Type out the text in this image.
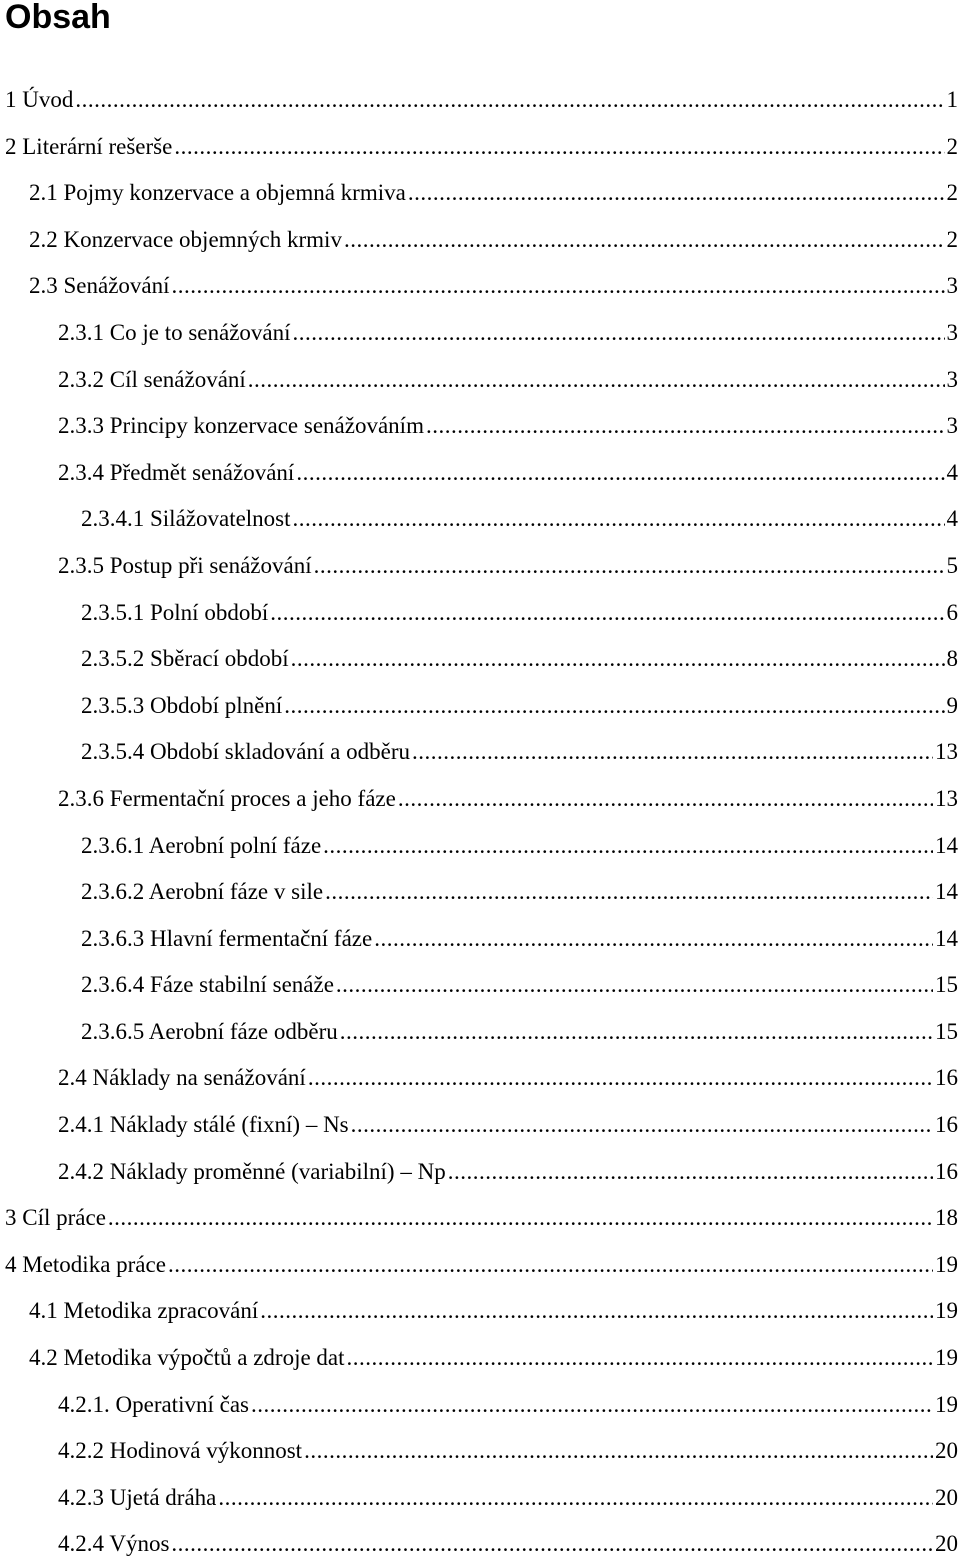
Obsah
1 Úvod .....	1
2 Literární rešerše .....	2
2.1 Pojmy konzervace a objemná krmiva .....	2
2.2 Konzervace objemných krmiv .....	2
2.3 Senážování .....	3
2.3.1 Co je to senážování .....	3
2.3.2 Cíl senážování .....	3
2.3.3 Principy konzervace senážováním .....	3
2.3.4 Předmět senážování .....	4
2.3.4.1 Silážovatelnost .....	4
2.3.5 Postup při senážování .....	5
2.3.5.1 Polní období .....	6
2.3.5.2 Sběrací období .....	8
2.3.5.3 Období plnění .....	9
2.3.5.4 Období skladování a odběru .....	13
2.3.6 Fermentační proces a jeho fáze .....	13
2.3.6.1 Aerobní polní fáze .....	14
2.3.6.2 Aerobní fáze v sile .....	14
2.3.6.3 Hlavní fermentační fáze .....	14
2.3.6.4 Fáze stabilní senáže .....	15
2.3.6.5 Aerobní fáze odběru .....	15
2.4 Náklady na senážování .....	16
2.4.1 Náklady stálé (fixní) – Ns .....	16
2.4.2 Náklady proměnné (variabilní) – Np .....	16
3 Cíl práce .....	18
4 Metodika práce .....	19
4.1 Metodika zpracování .....	19
4.2 Metodika výpočtů a zdroje dat .....	19
4.2.1. Operativní čas .....	19
4.2.2 Hodinová výkonnost .....	20
4.2.3 Ujetá dráha .....	20
4.2.4 Výnos .....	20
